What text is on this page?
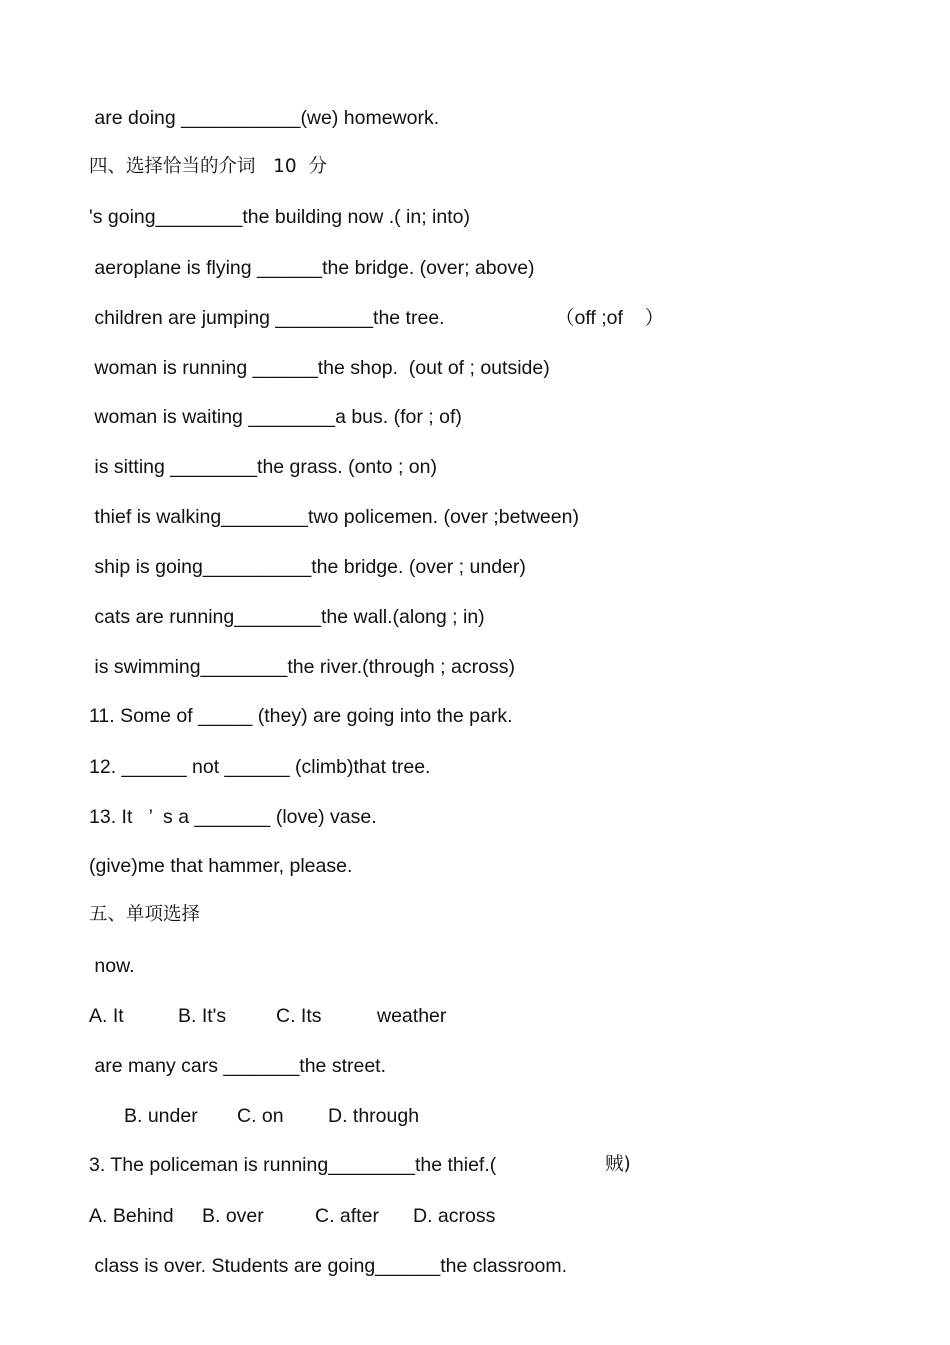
are doing ___________(we) homework.

四、选择恰当的介词   10  分

's going________the building now .( in; into)

aeroplane is flying ______the bridge. (over; above)

children are jumping _________the tree.	（off ;of    ）

woman is running ______the shop.  (out of ; outside)

woman is waiting ________a bus. (for ; of)

is sitting ________the grass. (onto ; on)

thief is walking________two policemen. (over ;between)

ship is going__________the bridge. (over ; under)

cats are running________the wall.(along ; in)

is swimming________the river.(through ; across)

11. Some of _____ (they) are going into the park.

12. ______ not ______ (climb)that tree.

13. It   ’  s a _______ (love) vase.

(give)me that hammer, please.

五、单项选择

now.

A. It	B. It's	C. Its	weather

are many cars _______the street.

B. under C. on D. through

3. The policeman is running________the thief.(	贼)

A. Behind B. over	C. after D. across

class is over. Students are going______the classroom.
